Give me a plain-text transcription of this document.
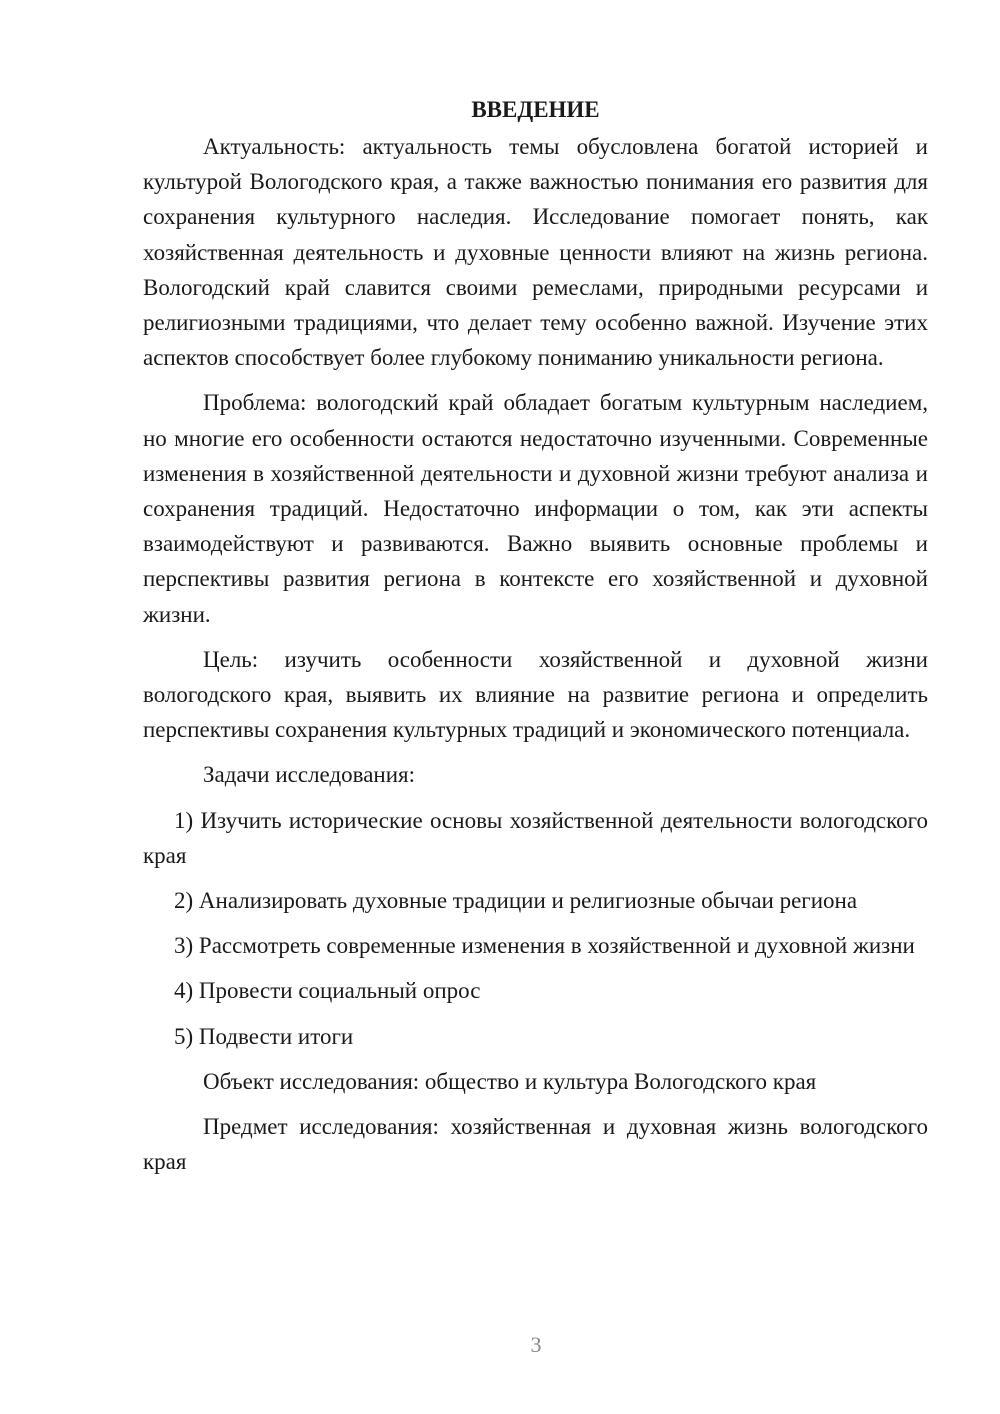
ВВЕДЕНИЕ

Актуальность: актуальность темы обусловлена богатой историей и культурой Вологодского края, а также важностью понимания его развития для сохранения культурного наследия. Исследование помогает понять, как хозяйственная деятельность и духовные ценности влияют на жизнь региона. Вологодский край славится своими ремеслами, природными ресурсами и религиозными традициями, что делает тему особенно важной. Изучение этих аспектов способствует более глубокому пониманию уникальности региона.

Проблема: вологодский край обладает богатым культурным наследием, но многие его особенности остаются недостаточно изученными. Современные изменения в хозяйственной деятельности и духовной жизни требуют анализа и сохранения традиций. Недостаточно информации о том, как эти аспекты взаимодействуют и развиваются. Важно выявить основные проблемы и перспективы развития региона в контексте его хозяйственной и духовной жизни.

Цель: изучить особенности хозяйственной и духовной жизни вологодского края, выявить их влияние на развитие региона и определить перспективы сохранения культурных традиций и экономического потенциала.

Задачи исследования:

1) Изучить исторические основы хозяйственной деятельности вологодского края

2) Анализировать духовные традиции и религиозные обычаи региона

3) Рассмотреть современные изменения в хозяйственной и духовной жизни

4) Провести социальный опрос

5) Подвести итоги

Объект исследования: общество и культура Вологодского края

Предмет исследования: хозяйственная и духовная жизнь вологодского края

3
